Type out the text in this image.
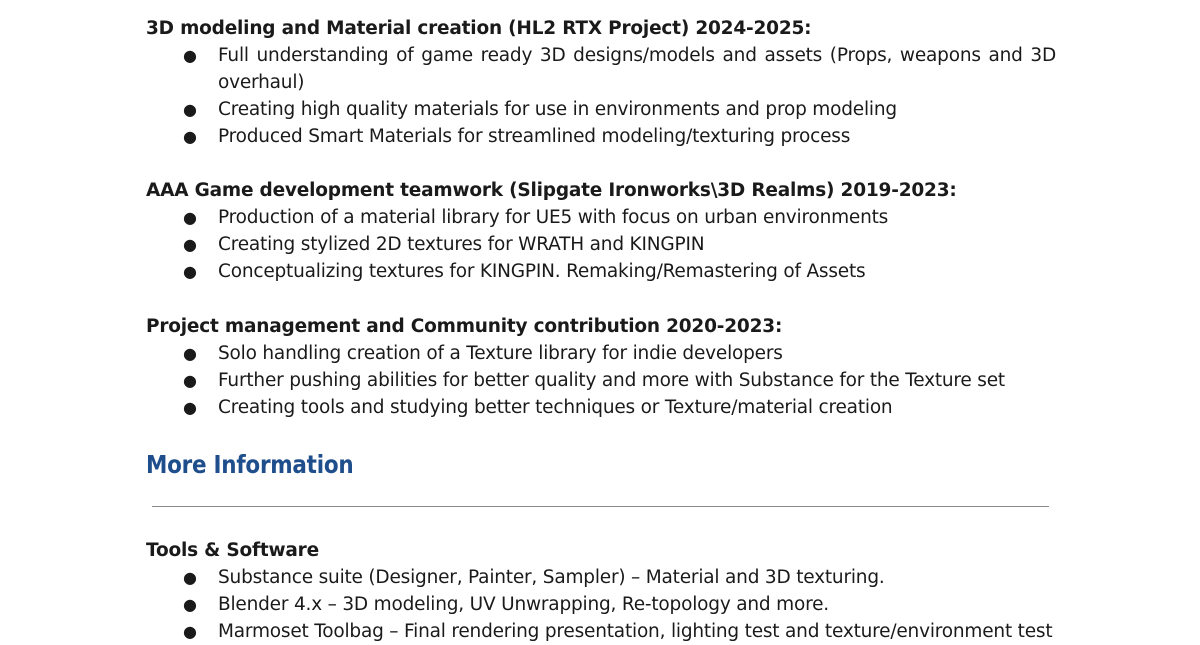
3D modeling and Material creation (HL2 RTX Project) 2024-2025:

● Full understanding of game ready 3D designs/models and assets (Props, weapons and 3D overhaul)
● Creating high quality materials for use in environments and prop modeling
● Produced Smart Materials for streamlined modeling/texturing process

AAA Game development teamwork (Slipgate Ironworks\3D Realms) 2019-2023:

● Production of a material library for UE5 with focus on urban environments
● Creating stylized 2D textures for WRATH and KINGPIN
● Conceptualizing textures for KINGPIN. Remaking/Remastering of Assets

Project management and Community contribution 2020-2023:

● Solo handling creation of a Texture library for indie developers
● Further pushing abilities for better quality and more with Substance for the Texture set
● Creating tools and studying better techniques or Texture/material creation
More Information

Tools & Software

● Substance suite (Designer, Painter, Sampler) – Material and 3D texturing.
● Blender 4.x – 3D modeling, UV Unwrapping, Re-topology and more.
● Marmoset Toolbag – Final rendering presentation, lighting test and texture/environment test
